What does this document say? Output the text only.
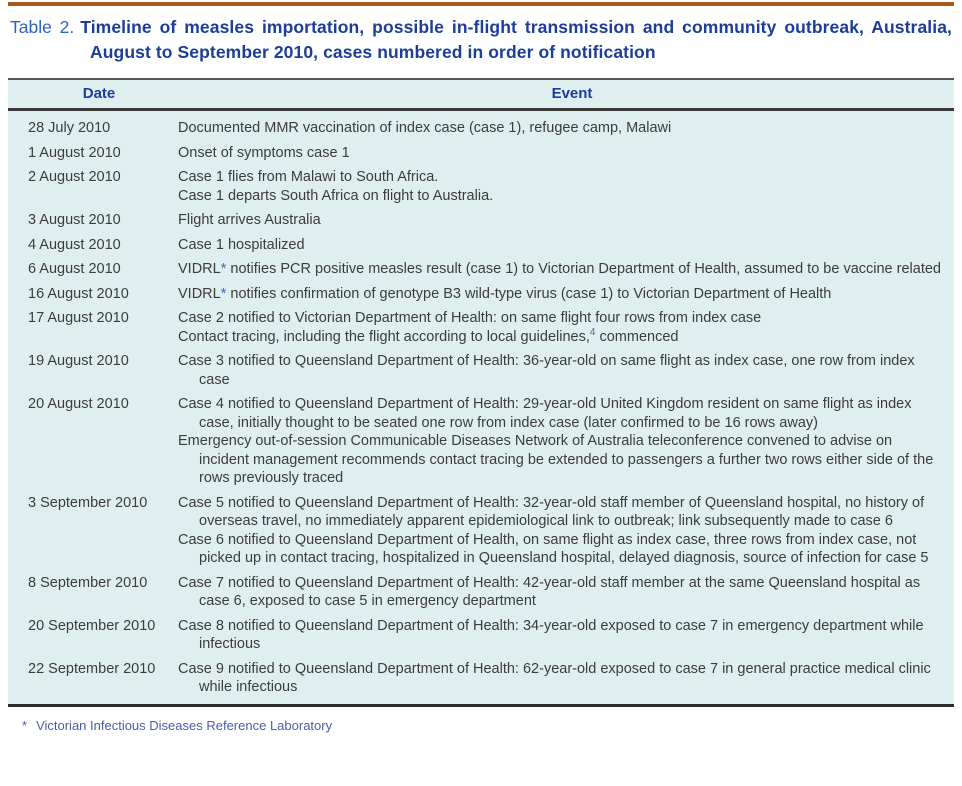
Table 2. Timeline of measles importation, possible in-flight transmission and community outbreak, Australia, August to September 2010, cases numbered in order of notification
Date	Event
28 July 2010	Documented MMR vaccination of index case (case 1), refugee camp, Malawi
1 August 2010	Onset of symptoms case 1
2 August 2010	Case 1 flies from Malawi to South Africa.
Case 1 departs South Africa on flight to Australia.
3 August 2010	Flight arrives Australia
4 August 2010	Case 1 hospitalized
6 August 2010	VIDRL* notifies PCR positive measles result (case 1) to Victorian Department of Health, assumed to be vaccine related
16 August 2010	VIDRL* notifies confirmation of genotype B3 wild-type virus (case 1) to Victorian Department of Health
17 August 2010	Case 2 notified to Victorian Department of Health: on same flight four rows from index case
Contact tracing, including the flight according to local guidelines,$^4$ commenced
19 August 2010	Case 3 notified to Queensland Department of Health: 36-year-old on same flight as index case, one row from index case
20 August 2010	Case 4 notified to Queensland Department of Health: 29-year-old United Kingdom resident on same flight as index case, initially thought to be seated one row from index case (later confirmed to be 16 rows away)
Emergency out-of-session Communicable Diseases Network of Australia teleconference convened to advise on incident management recommends contact tracing be extended to passengers a further two rows either side of the rows previously traced
3 September 2010	Case 5 notified to Queensland Department of Health: 32-year-old staff member of Queensland hospital, no history of overseas travel, no immediately apparent epidemiological link to outbreak; link subsequently made to case 6
Case 6 notified to Queensland Department of Health, on same flight as index case, three rows from index case, not picked up in contact tracing, hospitalized in Queensland hospital, delayed diagnosis, source of infection for case 5
8 September 2010	Case 7 notified to Queensland Department of Health: 42-year-old staff member at the same Queensland hospital as case 6, exposed to case 5 in emergency department
20 September 2010	Case 8 notified to Queensland Department of Health: 34-year-old exposed to case 7 in emergency department while infectious
22 September 2010	Case 9 notified to Queensland Department of Health: 62-year-old exposed to case 7 in general practice medical clinic while infectious
* Victorian Infectious Diseases Reference Laboratory
